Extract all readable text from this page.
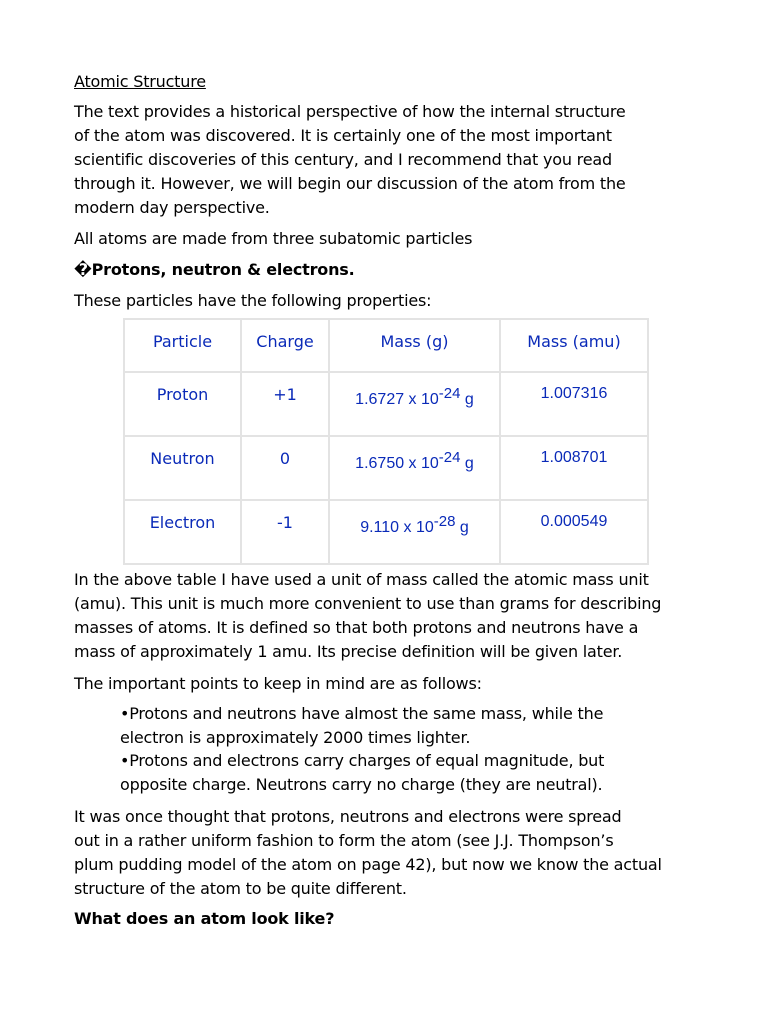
Atomic Structure
The text provides a historical perspective of how the internal structure
of the atom was discovered. It is certainly one of the most important
scientific discoveries of this century, and I recommend that you read
through it. However, we will begin our discussion of the atom from the
modern day perspective.
All atoms are made from three subatomic particles
�Protons, neutron & electrons.
These particles have the following properties:
Particle	Charge	Mass (g)	Mass (amu)
Proton	+1	1.6727 x $10^{-24}$ g	1.007316
Neutron	0	1.6750 x $10^{-24}$ g	1.008701
Electron	-1	9.110 x $10^{-28}$ g	0.000549
In the above table I have used a unit of mass called the atomic mass unit
(amu). This unit is much more convenient to use than grams for describing
masses of atoms. It is defined so that both protons and neutrons have a
mass of approximately 1 amu. Its precise definition will be given later.
The important points to keep in mind are as follows:
•Protons and neutrons have almost the same mass, while the
electron is approximately 2000 times lighter.
•Protons and electrons carry charges of equal magnitude, but
opposite charge. Neutrons carry no charge (they are neutral).
It was once thought that protons, neutrons and electrons were spread
out in a rather uniform fashion to form the atom (see J.J. Thompson’s
plum pudding model of the atom on page 42), but now we know the actual
structure of the atom to be quite different.
What does an atom look like?
